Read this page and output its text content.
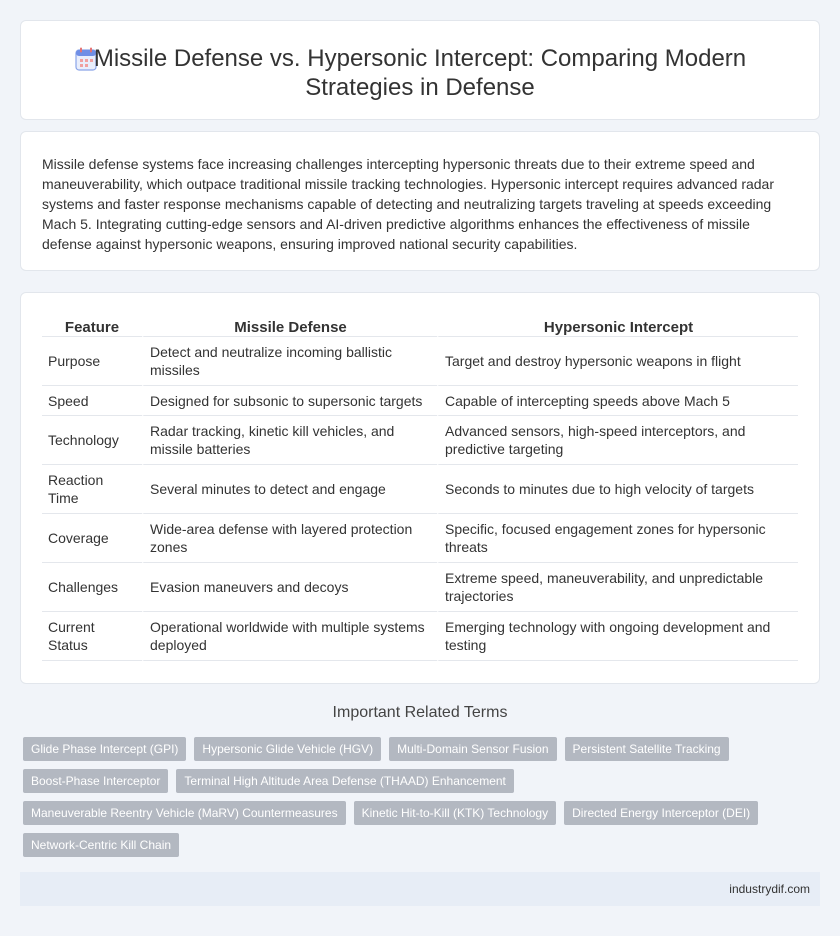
Missile Defense vs. Hypersonic Intercept: Comparing Modern Strategies in Defense

Missile defense systems face increasing challenges intercepting hypersonic threats due to their extreme speed and maneuverability, which outpace traditional missile tracking technologies. Hypersonic intercept requires advanced radar systems and faster response mechanisms capable of detecting and neutralizing targets traveling at speeds exceeding Mach 5. Integrating cutting-edge sensors and AI-driven predictive algorithms enhances the effectiveness of missile defense against hypersonic weapons, ensuring improved national security capabilities.

Feature	Missile Defense	Hypersonic Intercept
Purpose	Detect and neutralize incoming ballistic missiles	Target and destroy hypersonic weapons in flight
Speed	Designed for subsonic to supersonic targets	Capable of intercepting speeds above Mach 5
Technology	Radar tracking, kinetic kill vehicles, and missile batteries	Advanced sensors, high-speed interceptors, and predictive targeting
Reaction Time	Several minutes to detect and engage	Seconds to minutes due to high velocity of targets
Coverage	Wide-area defense with layered protection zones	Specific, focused engagement zones for hypersonic threats
Challenges	Evasion maneuvers and decoys	Extreme speed, maneuverability, and unpredictable trajectories
Current Status	Operational worldwide with multiple systems deployed	Emerging technology with ongoing development and testing
Important Related Terms
Glide Phase Intercept (GPI)	Hypersonic Glide Vehicle (HGV)	Multi-Domain Sensor Fusion	Persistent Satellite Tracking
Boost-Phase Interceptor	Terminal High Altitude Area Defense (THAAD) Enhancement
Maneuverable Reentry Vehicle (MaRV) Countermeasures	Kinetic Hit-to-Kill (KTK) Technology	Directed Energy Interceptor (DEI)
Network-Centric Kill Chain
industrydif.com
